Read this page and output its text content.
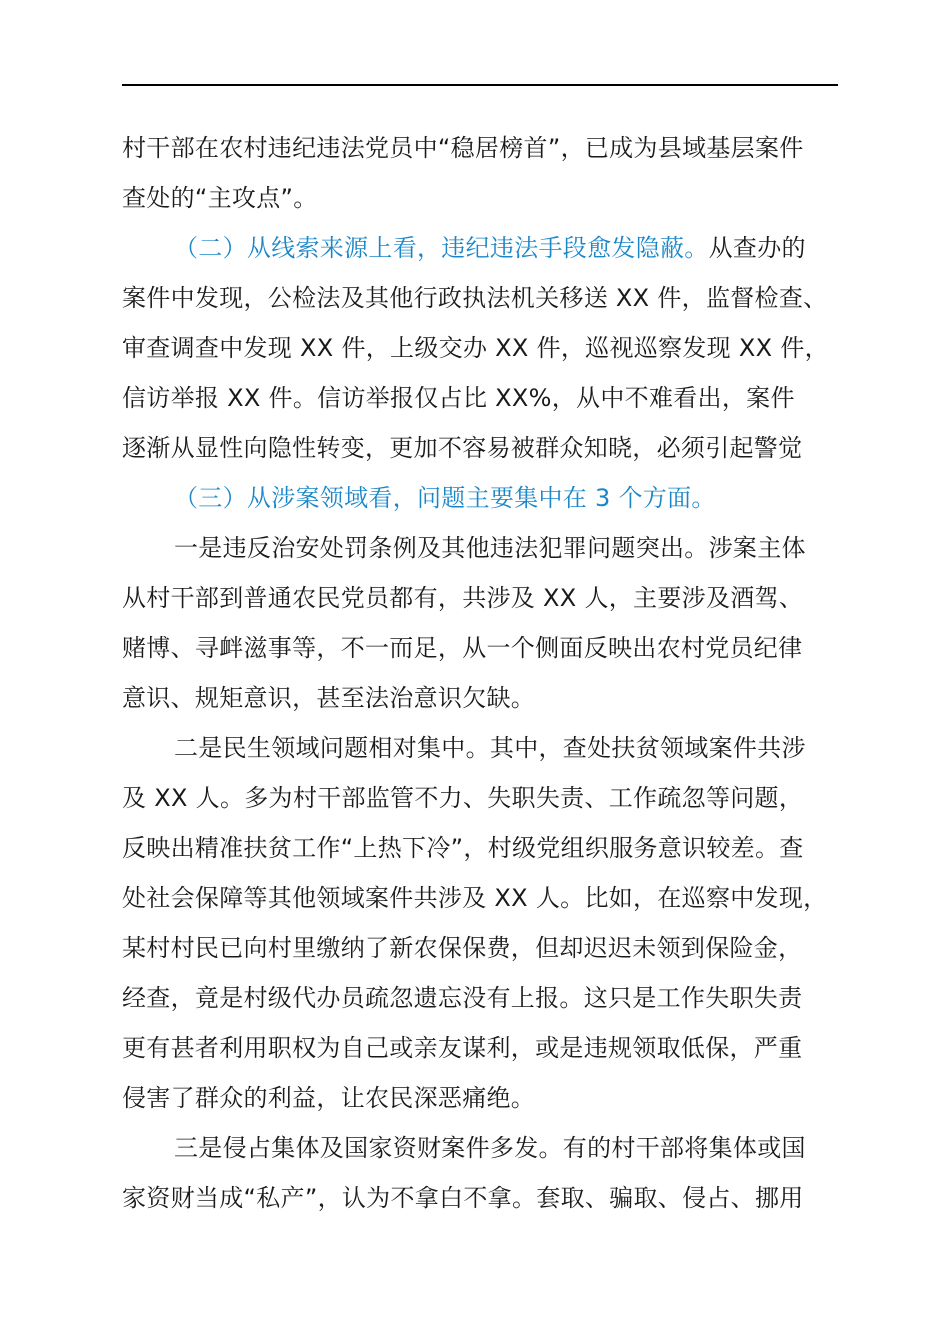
村干部在农村违纪违法党员中“稳居榜首”，已成为县域基层案件
查处的“主攻点”。
（二）从线索来源上看，违纪违法手段愈发隐蔽。从查办的
案件中发现，公检法及其他行政执法机关移送 XX 件，监督检查、
审查调查中发现 XX 件，上级交办 XX 件，巡视巡察发现 XX 件，
信访举报 XX 件。信访举报仅占比 XX%，从中不难看出，案件
逐渐从显性向隐性转变，更加不容易被群众知晓，必须引起警觉
（三）从涉案领域看，问题主要集中在 3 个方面。
一是违反治安处罚条例及其他违法犯罪问题突出。涉案主体
从村干部到普通农民党员都有，共涉及 XX 人，主要涉及酒驾、
赌博、寻衅滋事等，不一而足，从一个侧面反映出农村党员纪律
意识、规矩意识，甚至法治意识欠缺。
二是民生领域问题相对集中。其中，查处扶贫领域案件共涉
及 XX 人。多为村干部监管不力、失职失责、工作疏忽等问题，
反映出精准扶贫工作“上热下冷”，村级党组织服务意识较差。查
处社会保障等其他领域案件共涉及 XX 人。比如，在巡察中发现，
某村村民已向村里缴纳了新农保保费，但却迟迟未领到保险金，
经查，竟是村级代办员疏忽遗忘没有上报。这只是工作失职失责
更有甚者利用职权为自己或亲友谋利，或是违规领取低保，严重
侵害了群众的利益，让农民深恶痛绝。
三是侵占集体及国家资财案件多发。有的村干部将集体或国
家资财当成“私产”，认为不拿白不拿。套取、骗取、侵占、挪用
